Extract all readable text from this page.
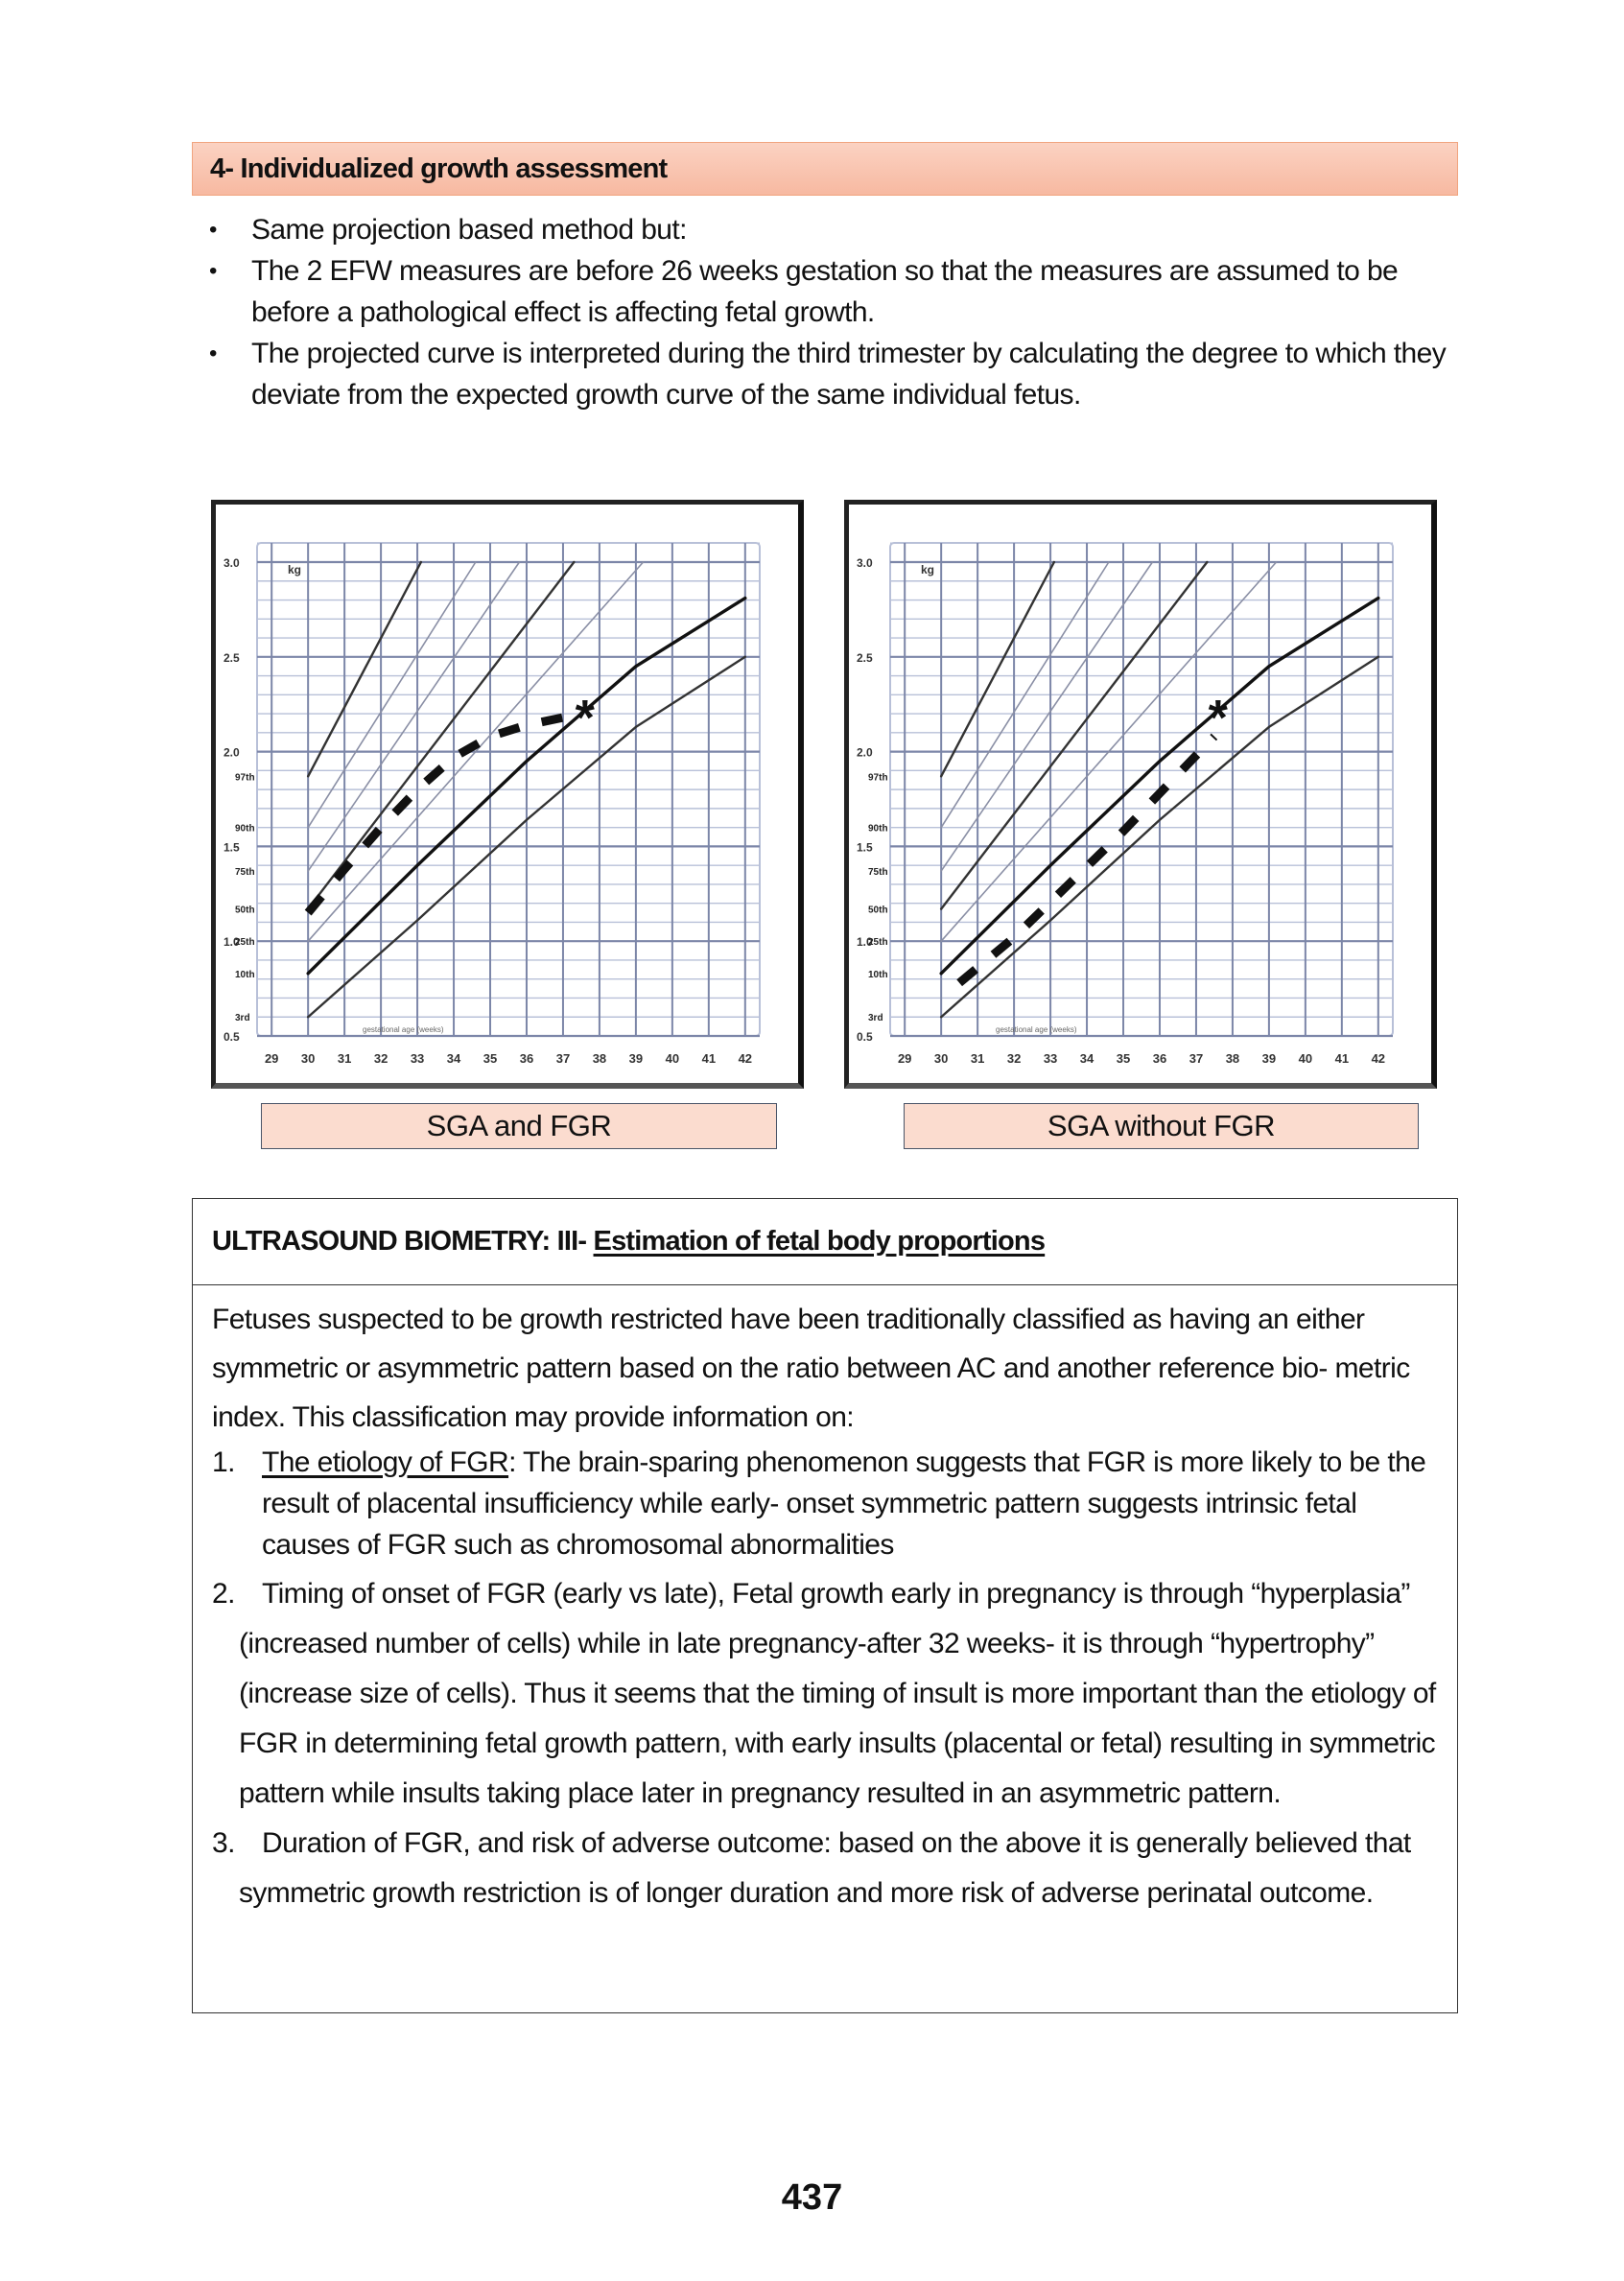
4- Individualized growth assessment
• Same projection based method but:
• The 2 EFW measures are before 26 weeks gestation so that the measures are assumed to be before a pathological effect is affecting fetal growth.
• The projected curve is interpreted during the third trimester by calculating the degree to which they deviate from the expected growth curve of the same individual fetus.
29 30 31 32 33 34 35 36 37 38 39 40 41 42
0.5
1.0
1.5
2.0
2.5
3.0	kg
gestational age (weeks)
97th
90th
75th
50th
25th
10th
3rd
*
29 30 31 32 33 34 35 36 37 38 39 40 41 42
0.5
1.0
1.5
2.0
2.5
3.0	kg
gestational age (weeks)
97th
90th
75th
50th
25th
10th
3rd
*
SGA and FGR	SGA without FGR
ULTRASOUND BIOMETRY: III- Estimation of fetal body proportions
Fetuses suspected to be growth restricted have been traditionally classified as having an either symmetric or asymmetric pattern based on the ratio between AC and another reference bio- metric index. This classification may provide information on:
1. The etiology of FGR: The brain-sparing phenomenon suggests that FGR is more likely to be the result of placental insufficiency while early- onset symmetric pattern suggests intrinsic fetal causes of FGR such as chromosomal abnormalities
2. Timing of onset of FGR (early vs late), Fetal growth early in pregnancy is through “hyperplasia” (increased number of cells) while in late pregnancy-after 32 weeks- it is through “hypertrophy” (increase size of cells). Thus it seems that the timing of insult is more important than the etiology of FGR in determining fetal growth pattern, with early insults (placental or fetal) resulting in symmetric pattern while insults taking place later in pregnancy resulted in an asymmetric pattern.
3. Duration of FGR, and risk of adverse outcome: based on the above it is generally believed that symmetric growth restriction is of longer duration and more risk of adverse perinatal outcome.
437
